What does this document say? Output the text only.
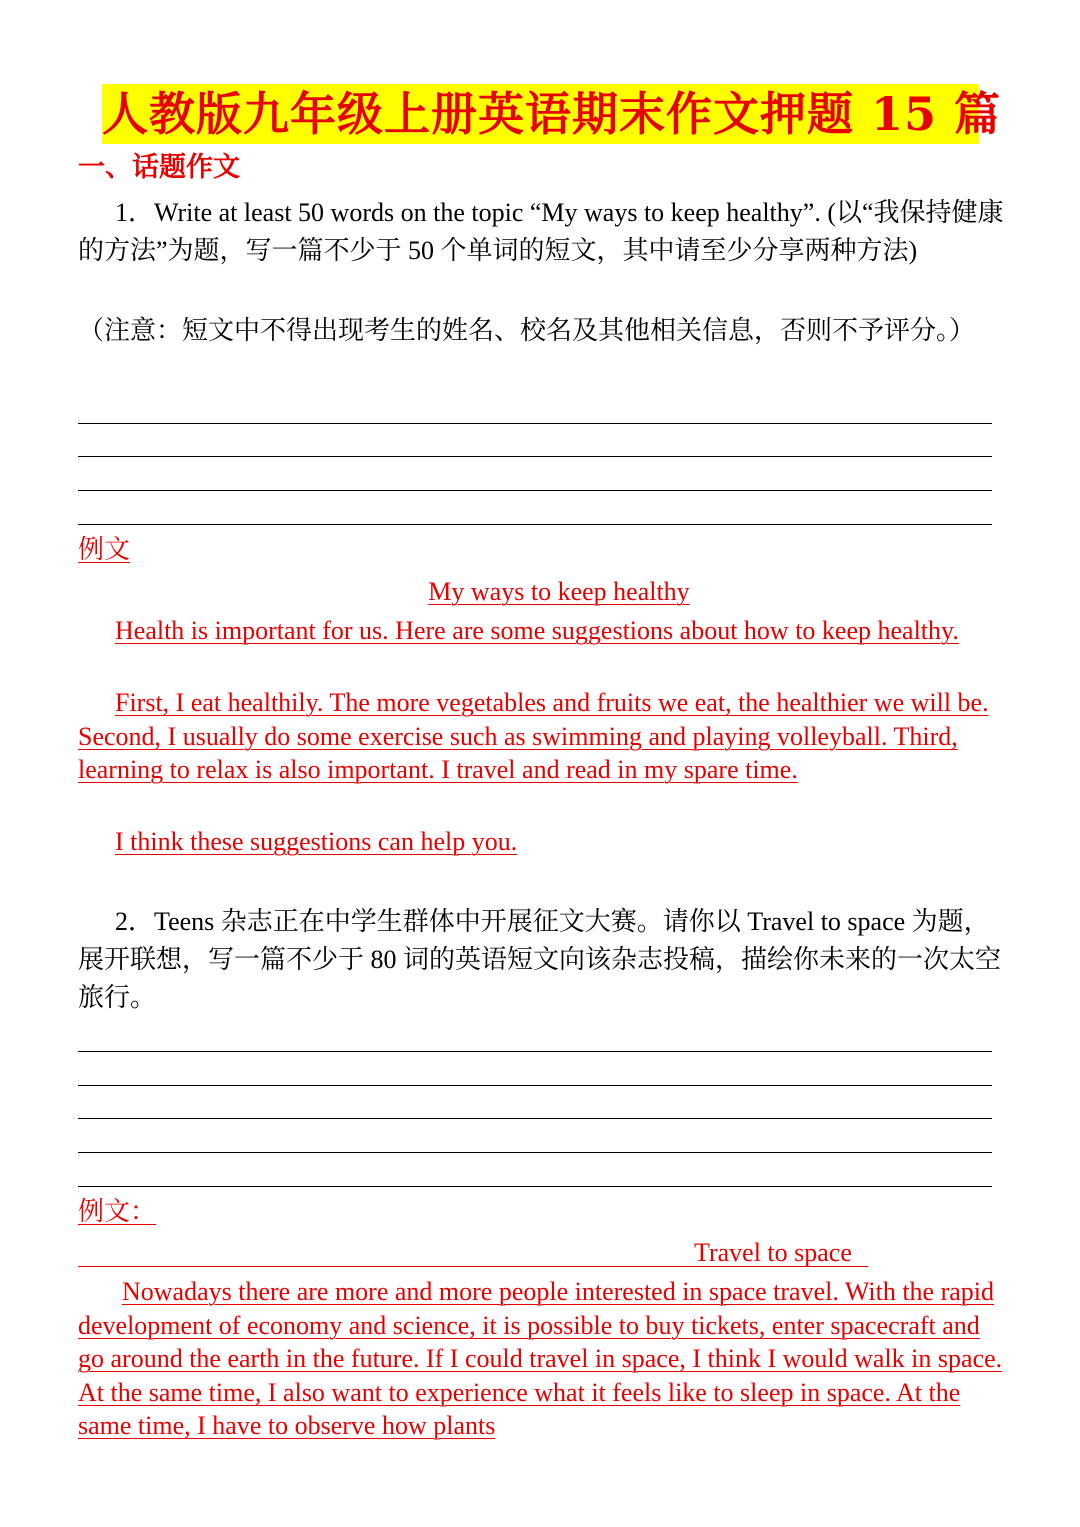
人教版九年级上册英语期末作文押题 15 篇
一、话题作文
1．Write at least 50 words on the topic “My ways to keep healthy”. (以“我保持健康的方法”为题，写一篇不少于 50 个单词的短文，其中请至少分享两种方法)
（注意：短文中不得出现考生的姓名、校名及其他相关信息，否则不予评分。）
例文
My ways to keep healthy
Health is important for us. Here are some suggestions about how to keep healthy.
First, I eat healthily. The more vegetables and fruits we eat, the healthier we will be. Second, I usually do some exercise such as swimming and playing volleyball. Third, learning to relax is also important. I travel and read in my spare time.
I think these suggestions can help you.
2．Teens 杂志正在中学生群体中开展征文大赛。请你以 Travel to space 为题，展开联想，写一篇不少于 80 词的英语短文向该杂志投稿，描绘你未来的一次太空旅行。
例文：
Travel to space
Nowadays there are more and more people interested in space travel. With the rapid development of economy and science, it is possible to buy tickets, enter spacecraft and go around the earth in the future. If I could travel in space, I think I would walk in space. At the same time, I also want to experience what it feels like to sleep in space. At the same time, I have to observe how plants
